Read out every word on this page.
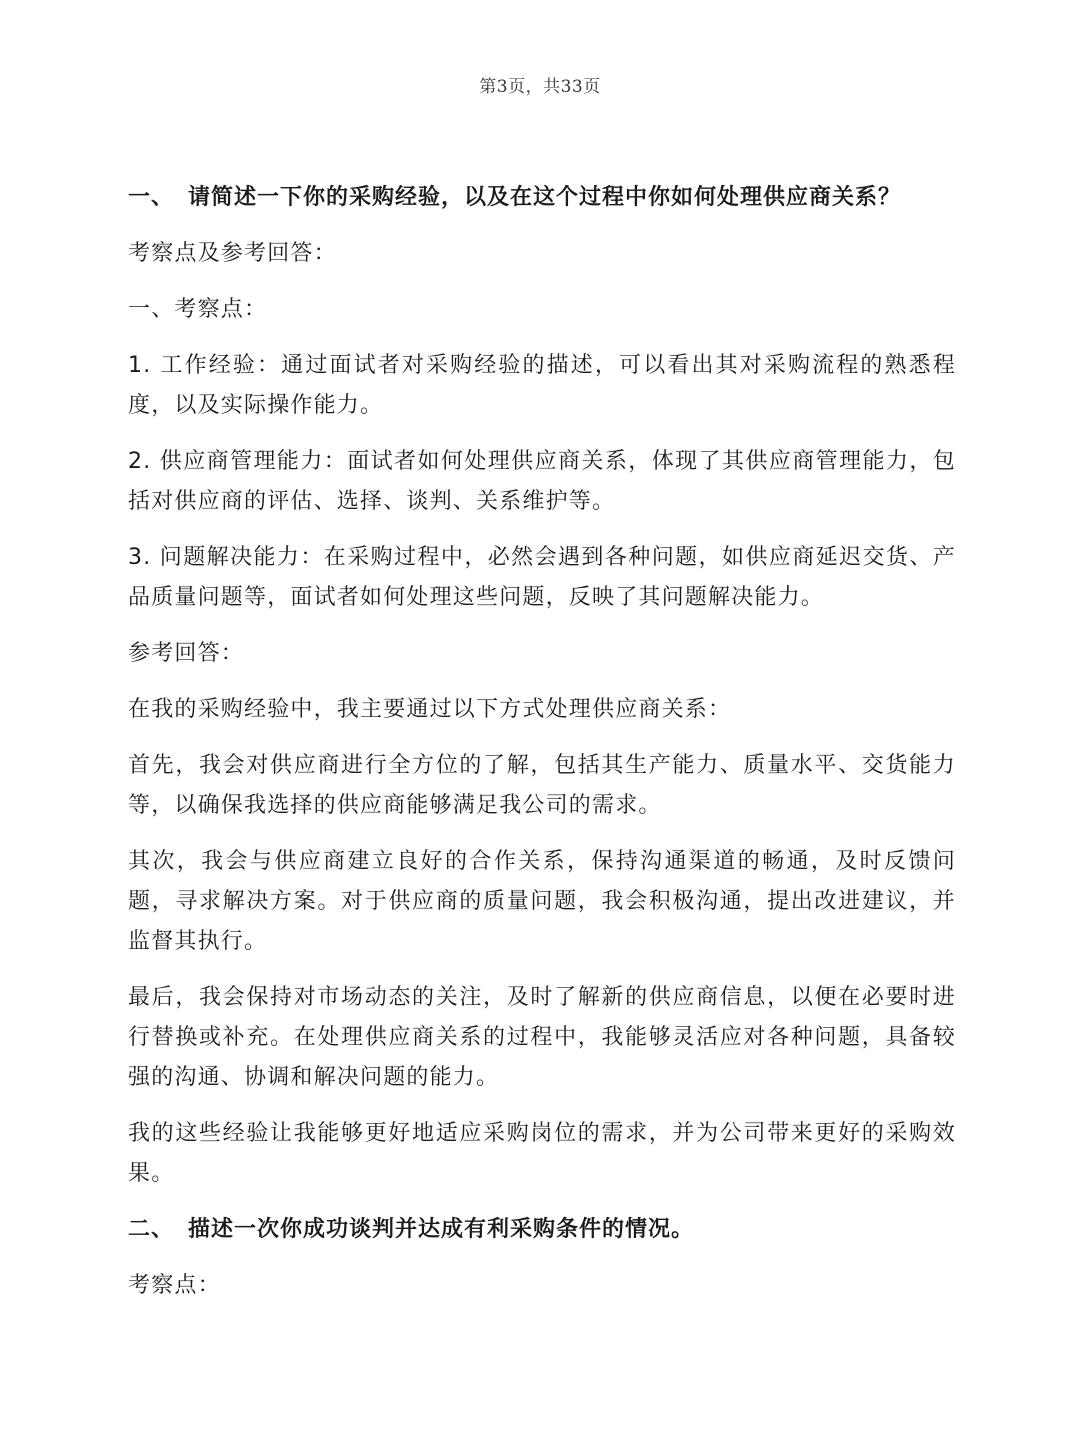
第3页，共33页
一、 请简述一下你的采购经验，以及在这个过程中你如何处理供应商关系？

考察点及参考回答：

一、考察点：

1. 工作经验：通过面试者对采购经验的描述，可以看出其对采购流程的熟悉程度，以及实际操作能力。

2. 供应商管理能力：面试者如何处理供应商关系，体现了其供应商管理能力，包括对供应商的评估、选择、谈判、关系维护等。

3. 问题解决能力：在采购过程中，必然会遇到各种问题，如供应商延迟交货、产品质量问题等，面试者如何处理这些问题，反映了其问题解决能力。

参考回答：

在我的采购经验中，我主要通过以下方式处理供应商关系：

首先，我会对供应商进行全方位的了解，包括其生产能力、质量水平、交货能力等，以确保我选择的供应商能够满足我公司的需求。

其次，我会与供应商建立良好的合作关系，保持沟通渠道的畅通，及时反馈问题，寻求解决方案。对于供应商的质量问题，我会积极沟通，提出改进建议，并监督其执行。

最后，我会保持对市场动态的关注，及时了解新的供应商信息，以便在必要时进行替换或补充。在处理供应商关系的过程中，我能够灵活应对各种问题，具备较强的沟通、协调和解决问题的能力。

我的这些经验让我能够更好地适应采购岗位的需求，并为公司带来更好的采购效果。

二、 描述一次你成功谈判并达成有利采购条件的情况。

考察点：
